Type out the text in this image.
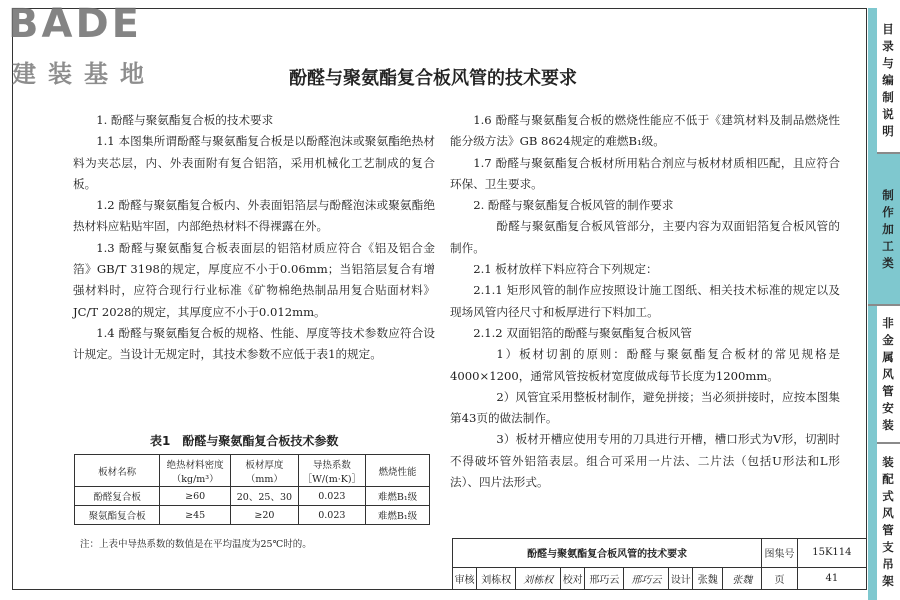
BADE
建装基地	酚醛与聚氨酯复合板风管的技术要求

1. 酚醛与聚氨酯复合板的技术要求

1.1 本图集所谓酚醛与聚氨酯复合板是以酚醛泡沫或聚氨酯绝热材料为夹芯层，内、外表面附有复合铝箔，采用机械化工艺制成的复合板。

1.2 酚醛与聚氨酯复合板内、外表面铝箔层与酚醛泡沫或聚氨酯绝热材料应粘贴牢固，内部绝热材料不得裸露在外。

1.3 酚醛与聚氨酯复合板表面层的铝箔材质应符合《铝及铝合金箔》GB/T 3198的规定，厚度应不小于0.06mm；当铝箔层复合有增强材料时，应符合现行行业标准《矿物棉绝热制品用复合贴面材料》JC/T 2028的规定，其厚度应不小于0.012mm。

1.4 酚醛与聚氨酯复合板的规格、性能、厚度等技术参数应符合设计规定。当设计无规定时，其技术参数不应低于表1的规定。

表1　酚醛与聚氨酯复合板技术参数
板材名称	绝热材料密度（kg/m³）	板材厚度（mm）	导热系数［W/(m·K)］	燃烧性能
酚醛复合板	≥60	20、25、30	0.023	难燃B₁级
聚氨酯复合板	≥45	≥20	0.023	难燃B₁级
注：上表中导热系数的数值是在平均温度为25℃时的。

1.6 酚醛与聚氨酯复合板的燃烧性能应不低于《建筑材料及制品燃烧性能分级方法》GB 8624规定的难燃B₁级。

1.7 酚醛与聚氨酯复合板材所用粘合剂应与板材材质相匹配，且应符合环保、卫生要求。

2. 酚醛与聚氨酯复合板风管的制作要求

酚醛与聚氨酯复合板风管部分，主要内容为双面铝箔复合板风管的制作。

2.1 板材放样下料应符合下列规定：

2.1.1 矩形风管的制作应按照设计施工图纸、相关技术标准的规定以及现场风管内径尺寸和板厚进行下料加工。

2.1.2 双面铝箔的酚醛与聚氨酯复合板风管

1）板材切割的原则：酚醛与聚氨酯复合板材的常见规格是4000×1200，通常风管按板材宽度做成每节长度为1200mm。

2）风管宜采用整板材制作，避免拼接；当必须拼接时，应按本图集第43页的做法制作。

3）板材开槽应使用专用的刀具进行开槽，槽口形式为V形，切割时不得破坏管外铝箔表层。组合可采用一片法、二片法（包括U形法和L形法）、四片法形式。

酚醛与聚氨酯复合板风管的技术要求									图集号	15K114
审核	刘栋权	刘栋权	校对	邢巧云	邢巧云	设计	张魏	张魏	页	41
目
录
与
编
制
说
明
制
作
加
工
类
非
金
属
风
管
安
装
装
配
式
风
管
支
吊
架
